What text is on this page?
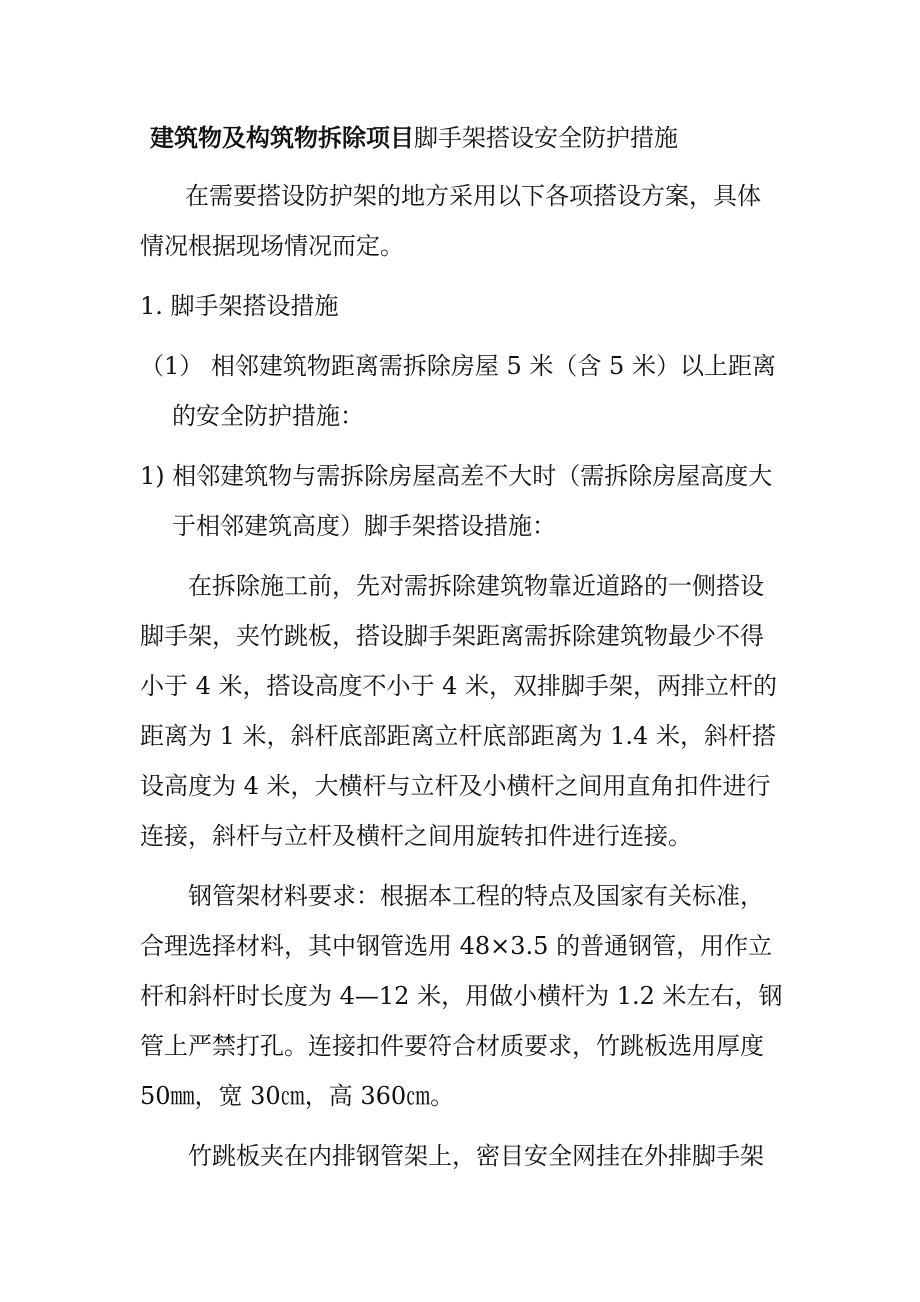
建筑物及构筑物拆除项目脚手架搭设安全防护措施
在需要搭设防护架的地方采用以下各项搭设方案，具体
情况根据现场情况而定。
1. 脚手架搭设措施
（1） 相邻建筑物距离需拆除房屋 5 米（含 5 米）以上距离
的安全防护措施：
1) 相邻建筑物与需拆除房屋高差不大时（需拆除房屋高度大
于相邻建筑高度）脚手架搭设措施：
在拆除施工前，先对需拆除建筑物靠近道路的一侧搭设
脚手架，夹竹跳板，搭设脚手架距离需拆除建筑物最少不得
小于 4 米，搭设高度不小于 4 米，双排脚手架，两排立杆的
距离为 1 米，斜杆底部距离立杆底部距离为 1.4 米，斜杆搭
设高度为 4 米，大横杆与立杆及小横杆之间用直角扣件进行
连接，斜杆与立杆及横杆之间用旋转扣件进行连接。
钢管架材料要求：根据本工程的特点及国家有关标准，
合理选择材料，其中钢管选用 48×3.5 的普通钢管，用作立
杆和斜杆时长度为 4—12 米，用做小横杆为 1.2 米左右，钢
管上严禁打孔。连接扣件要符合材质要求，竹跳板选用厚度
50㎜，宽 30㎝，高 360㎝。
竹跳板夹在内排钢管架上，密目安全网挂在外排脚手架
